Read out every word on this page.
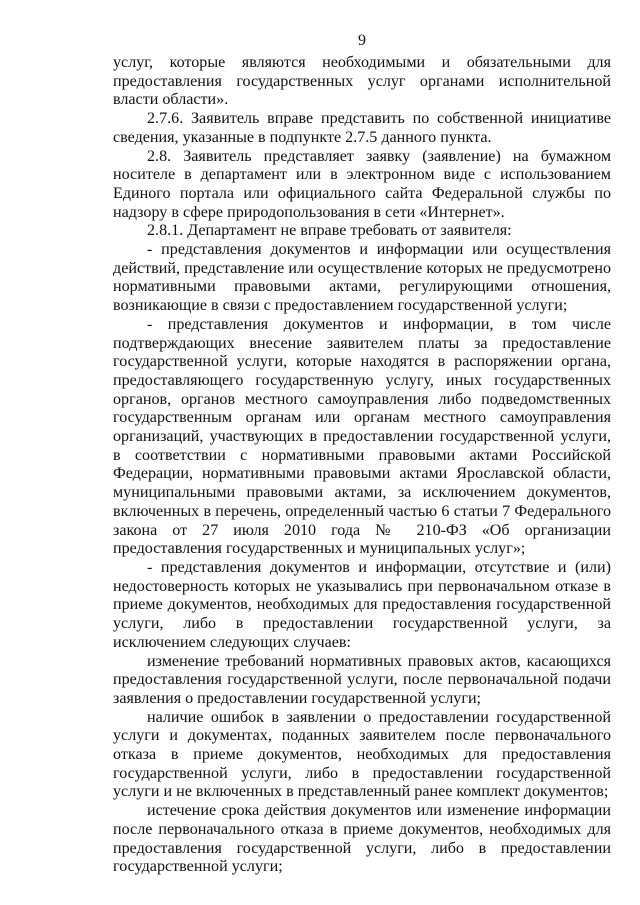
9

услуг, которые являются необходимыми и обязательными для предоставления государственных услуг органами исполнительной власти области».

2.7.6. Заявитель вправе представить по собственной инициативе сведения, указанные в подпункте 2.7.5 данного пункта.

2.8. Заявитель представляет заявку (заявление) на бумажном носителе в департамент или в электронном виде с использованием Единого портала или официального сайта Федеральной службы по надзору в сфере природопользования в сети «Интернет».

2.8.1. Департамент не вправе требовать от заявителя:

- представления документов и информации или осуществления действий, представление или осуществление которых не предусмотрено нормативными правовыми актами, регулирующими отношения, возникающие в связи с предоставлением государственной услуги;

- представления документов и информации, в том числе подтверждающих внесение заявителем платы за предоставление государственной услуги, которые находятся в распоряжении органа, предоставляющего государственную услугу, иных государственных органов, органов местного самоуправления либо подведомственных государственным органам или органам местного самоуправления организаций, участвующих в предоставлении государственной услуги, в соответствии с нормативными правовыми актами Российской Федерации, нормативными правовыми актами Ярославской области, муниципальными правовыми актами, за исключением документов, включенных в перечень, определенный частью 6 статьи 7 Федерального закона от 27 июля 2010 года № 210-ФЗ «Об организации предоставления государственных и муниципальных услуг»;

- представления документов и информации, отсутствие и (или) недостоверность которых не указывались при первоначальном отказе в приеме документов, необходимых для предоставления государственной услуги, либо в предоставлении государственной услуги, за исключением следующих случаев:

изменение требований нормативных правовых актов, касающихся предоставления государственной услуги, после первоначальной подачи заявления о предоставлении государственной услуги;

наличие ошибок в заявлении о предоставлении государственной услуги и документах, поданных заявителем после первоначального отказа в приеме документов, необходимых для предоставления государственной услуги, либо в предоставлении государственной услуги и не включенных в представленный ранее комплект документов;

истечение срока действия документов или изменение информации после первоначального отказа в приеме документов, необходимых для предоставления государственной услуги, либо в предоставлении государственной услуги;
